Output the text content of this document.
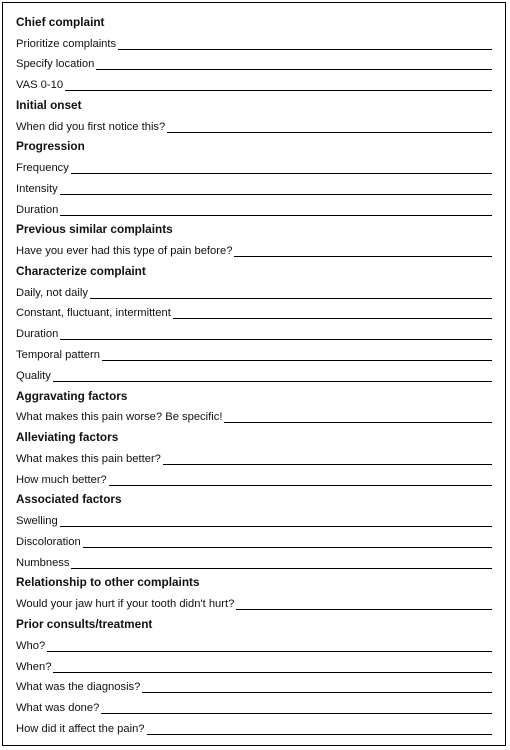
Chief complaint
Prioritize complaints
Specify location
VAS 0-10
Initial onset
When did you first notice this?
Progression
Frequency
Intensity
Duration
Previous similar complaints
Have you ever had this type of pain before?
Characterize complaint
Daily, not daily
Constant, fluctuant, intermittent
Duration
Temporal pattern
Quality
Aggravating factors
What makes this pain worse? Be specific!
Alleviating factors
What makes this pain better?
How much better?
Associated factors
Swelling
Discoloration
Numbness
Relationship to other complaints
Would your jaw hurt if your tooth didn't hurt?
Prior consults/treatment
Who?
When?
What was the diagnosis?
What was done?
How did it affect the pain?
